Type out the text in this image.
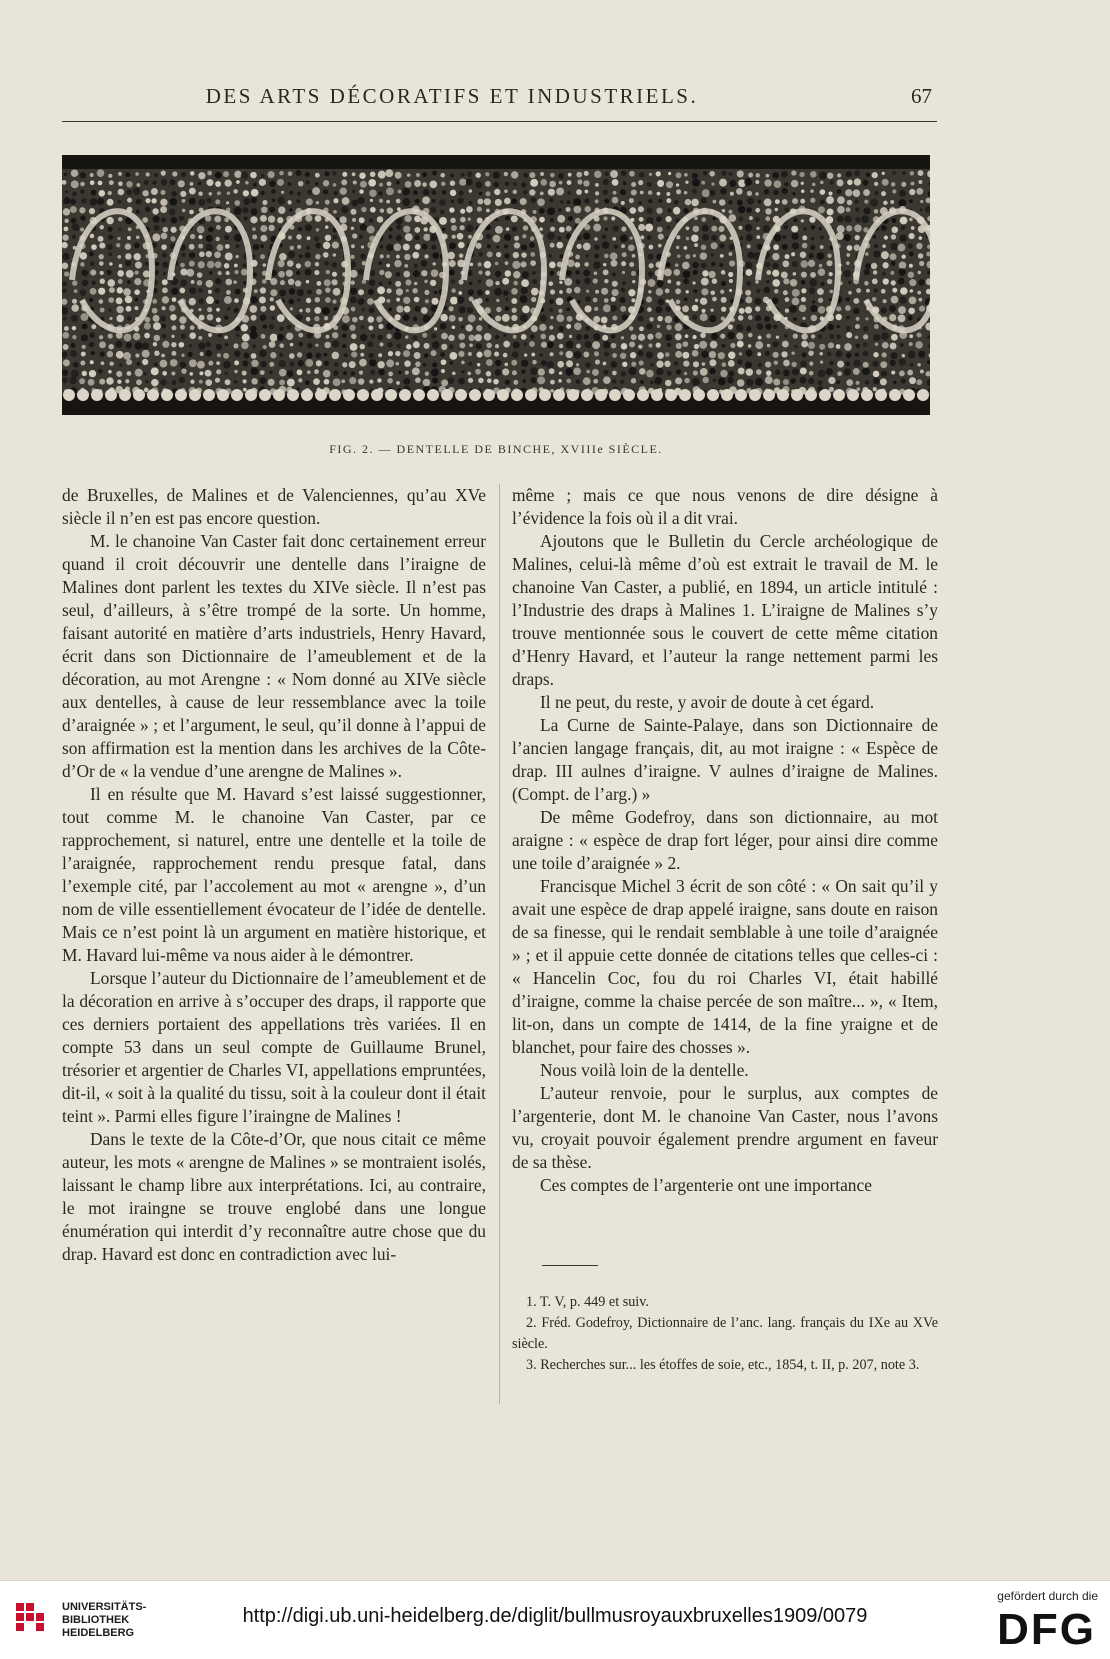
DES ARTS DÉCORATIFS ET INDUSTRIELS.	67
FIG. 2. — DENTELLE DE BINCHE, XVIIIe SIÈCLE.

de Bruxelles, de Malines et de Valenciennes, qu’au XVe siècle il n’en est pas encore question.

M. le chanoine Van Caster fait donc certainement erreur quand il croit découvrir une dentelle dans l’iraigne de Malines dont parlent les textes du XIVe siècle. Il n’est pas seul, d’ailleurs, à s’être trompé de la sorte. Un homme, faisant autorité en matière d’arts industriels, Henry Havard, écrit dans son Dictionnaire de l’ameublement et de la décoration, au mot Arengne : « Nom donné au XIVe siècle aux dentelles, à cause de leur ressemblance avec la toile d’araignée » ; et l’argument, le seul, qu’il donne à l’appui de son affirmation est la mention dans les archives de la Côte-d’Or de « la vendue d’une arengne de Malines ».

Il en résulte que M. Havard s’est laissé suggestionner, tout comme M. le chanoine Van Caster, par ce rapprochement, si naturel, entre une dentelle et la toile de l’araignée, rapprochement rendu presque fatal, dans l’exemple cité, par l’accolement au mot « arengne », d’un nom de ville essentiellement évocateur de l’idée de dentelle. Mais ce n’est point là un argument en matière historique, et M. Havard lui-même va nous aider à le démontrer.

Lorsque l’auteur du Dictionnaire de l’ameublement et de la décoration en arrive à s’occuper des draps, il rapporte que ces derniers portaient des appellations très variées. Il en compte 53 dans un seul compte de Guillaume Brunel, trésorier et argentier de Charles VI, appellations empruntées, dit-il, « soit à la qualité du tissu, soit à la couleur dont il était teint ». Parmi elles figure l’iraingne de Malines !

Dans le texte de la Côte-d’Or, que nous citait ce même auteur, les mots « arengne de Malines » se montraient isolés, laissant le champ libre aux interprétations. Ici, au contraire, le mot iraingne se trouve englobé dans une longue énumération qui interdit d’y reconnaître autre chose que du drap. Havard est donc en contradiction avec lui-

même ; mais ce que nous venons de dire désigne à l’évidence la fois où il a dit vrai.

Ajoutons que le Bulletin du Cercle archéologique de Malines, celui-là même d’où est extrait le travail de M. le chanoine Van Caster, a publié, en 1894, un article intitulé : l’Industrie des draps à Malines 1. L’iraigne de Malines s’y trouve mentionnée sous le couvert de cette même citation d’Henry Havard, et l’auteur la range nettement parmi les draps.

Il ne peut, du reste, y avoir de doute à cet égard.

La Curne de Sainte-Palaye, dans son Dictionnaire de l’ancien langage français, dit, au mot iraigne : « Espèce de drap. III aulnes d’iraigne. V aulnes d’iraigne de Malines. (Compt. de l’arg.) »

De même Godefroy, dans son dictionnaire, au mot araigne : « espèce de drap fort léger, pour ainsi dire comme une toile d’araignée » 2.

Francisque Michel 3 écrit de son côté : « On sait qu’il y avait une espèce de drap appelé iraigne, sans doute en raison de sa finesse, qui le rendait semblable à une toile d’araignée » ; et il appuie cette donnée de citations telles que celles-ci : « Hancelin Coc, fou du roi Charles VI, était habillé d’iraigne, comme la chaise percée de son maître... », « Item, lit-on, dans un compte de 1414, de la fine yraigne et de blanchet, pour faire des chosses ».

Nous voilà loin de la dentelle.

L’auteur renvoie, pour le surplus, aux comptes de l’argenterie, dont M. le chanoine Van Caster, nous l’avons vu, croyait pouvoir également prendre argument en faveur de sa thèse.

Ces comptes de l’argenterie ont une importance

1. T. V, p. 449 et suiv.

2. Fréd. Godefroy, Dictionnaire de l’anc. lang. français du IXe au XVe siècle.

3. Recherches sur... les étoffes de soie, etc., 1854, t. II, p. 207, note 3.

UNIVERSITÄTS-
BIBLIOTHEK
HEIDELBERG
http://digi.ub.uni-heidelberg.de/diglit/bullmusroyauxbruxelles1909/0079
gefördert durch die
DFG
